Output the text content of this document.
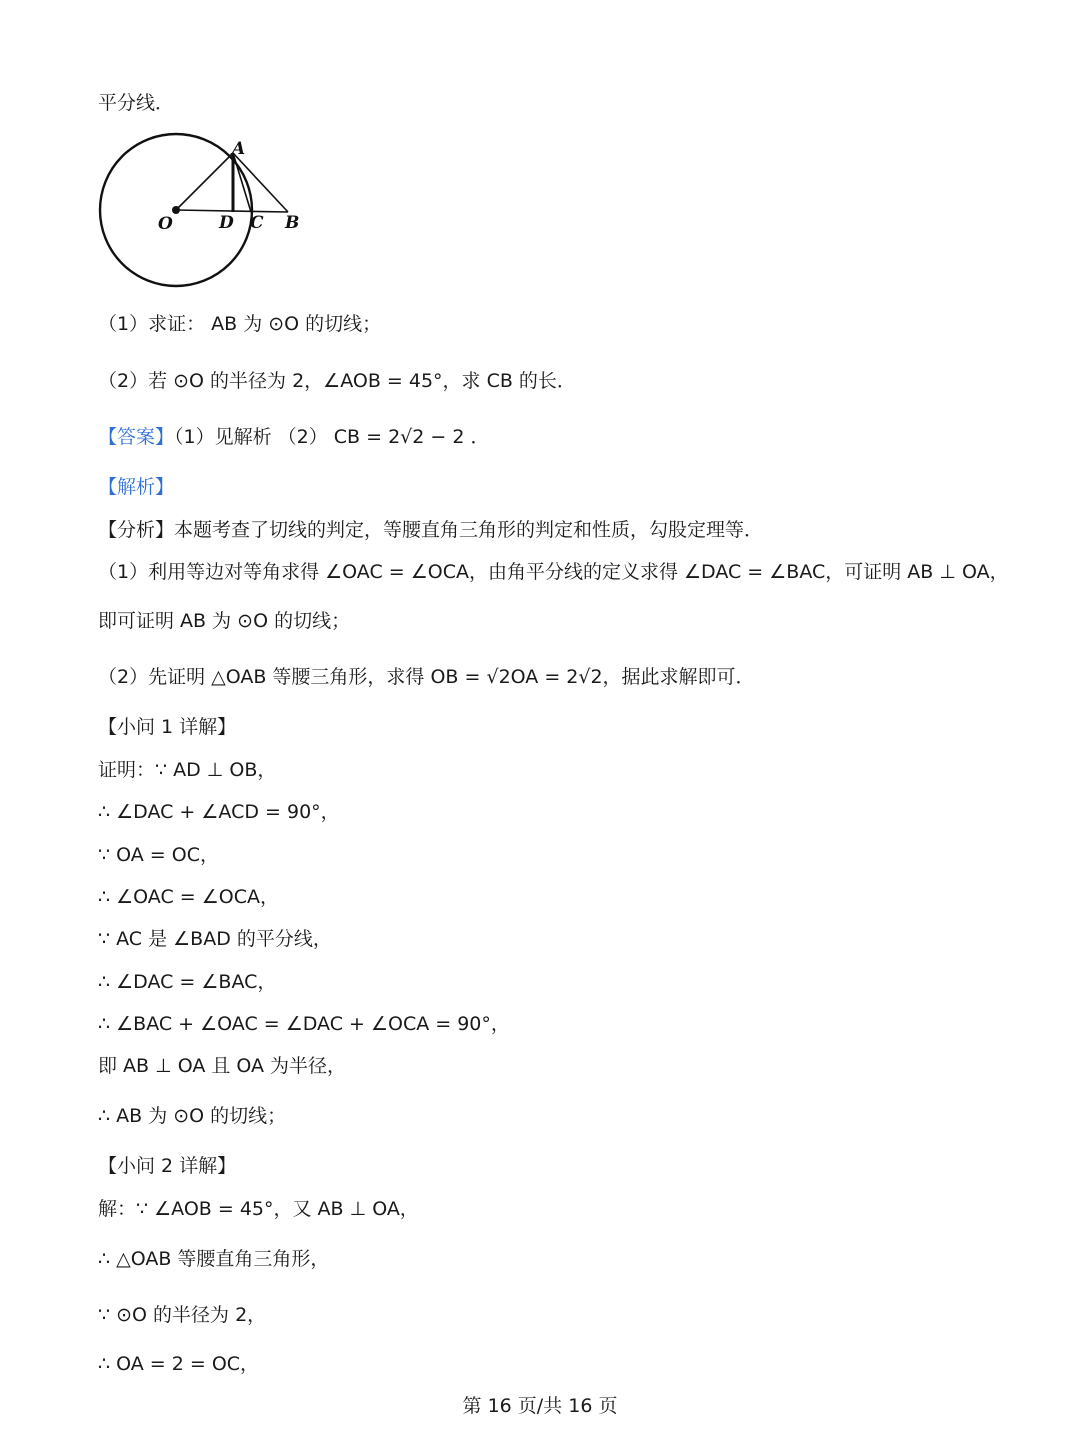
平分线．
A
O	D C B
（1）求证： AB 为 ⊙O 的切线；
（2）若 ⊙O 的半径为 2，∠AOB = 45°，求 CB 的长．
【答案】（1）见解析 （2） CB = 2√2 − 2 ．
【解析】
【分析】本题考查了切线的判定，等腰直角三角形的判定和性质，勾股定理等．
（1）利用等边对等角求得 ∠OAC = ∠OCA，由角平分线的定义求得 ∠DAC = ∠BAC，可证明 AB ⊥ OA，
即可证明 AB 为 ⊙O 的切线；
（2）先证明 △OAB 等腰三角形，求得 OB = √2OA = 2√2，据此求解即可．
【小问 1 详解】
证明：∵ AD ⊥ OB，
∴ ∠DAC + ∠ACD = 90°，
∵ OA = OC，
∴ ∠OAC = ∠OCA，
∵ AC 是 ∠BAD 的平分线，
∴ ∠DAC = ∠BAC，
∴ ∠BAC + ∠OAC = ∠DAC + ∠OCA = 90°，
即 AB ⊥ OA 且 OA 为半径，
∴ AB 为 ⊙O 的切线；
【小问 2 详解】
解：∵ ∠AOB = 45°，又 AB ⊥ OA，
∴ △OAB 等腰直角三角形，
∵ ⊙O 的半径为 2，
∴ OA = 2 = OC，
第 16 页/共 16 页
